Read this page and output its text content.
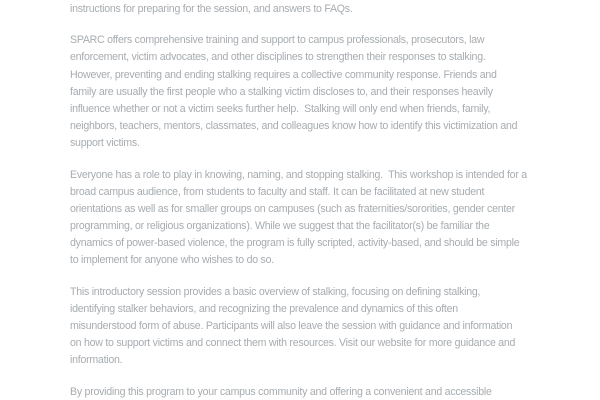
instructions for preparing for the session, and answers to FAQs.

SPARC offers comprehensive training and support to campus professionals, prosecutors, law
enforcement, victim advocates, and other disciplines to strengthen their responses to stalking.
However, preventing and ending stalking requires a collective community response. Friends and
family are usually the first people who a stalking victim discloses to, and their responses heavily
influence whether or not a victim seeks further help.  Stalking will only end when friends, family,
neighbors, teachers, mentors, classmates, and colleagues know how to identify this victimization and
support victims.

Everyone has a role to play in knowing, naming, and stopping stalking.  This workshop is intended for a
broad campus audience, from students to faculty and staff. It can be facilitated at new student
orientations as well as for smaller groups on campuses (such as fraternities/sororities, gender center
programming, or religious organizations). While we suggest that the facilitator(s) be familiar the
dynamics of power-based violence, the program is fully scripted, activity-based, and should be simple
to implement for anyone who wishes to do so.

This introductory session provides a basic overview of stalking, focusing on defining stalking,
identifying stalker behaviors, and recognizing the prevalence and dynamics of this often
misunderstood form of abuse. Participants will also leave the session with guidance and information
on how to support victims and connect them with resources. Visit our website for more guidance and
information.

By providing this program to your campus community and offering a convenient and accessible
